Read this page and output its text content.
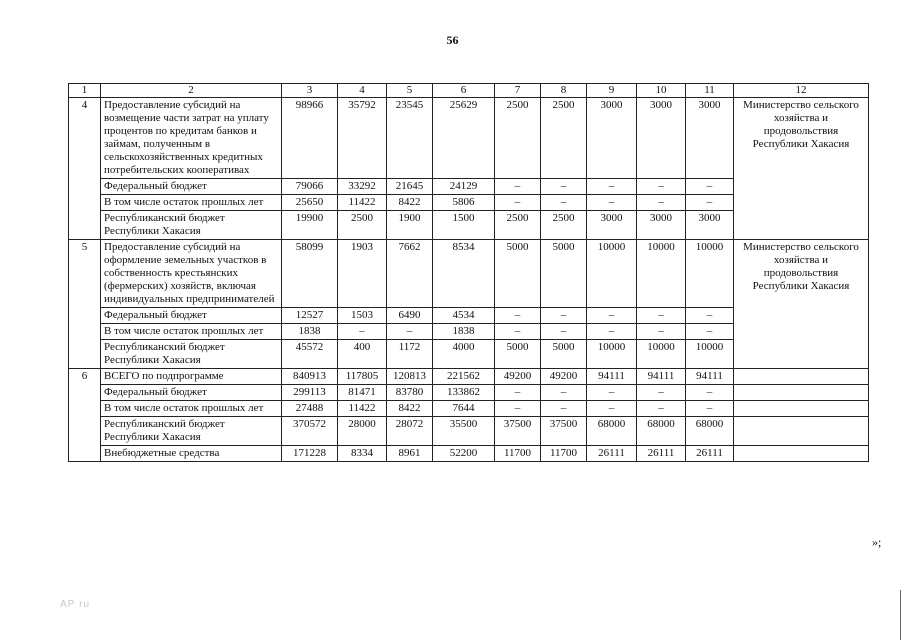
56
1	2	3	4	5	6	7	8	9	10	11	12
4	Предоставление субсидий на возмещение части затрат на уплату процентов по кредитам банков и займам, полученным в сельскохозяйственных кредитных потребительских кооперативах	98966	35792	23545	25629	2500	2500	3000	3000	3000	Министерство сельского хозяйства и продовольствия Республики Хакасия
	Федеральный бюджет	79066	33292	21645	24129	–	–	–	–	–	
	В том числе остаток прошлых лет	25650	11422	8422	5806	–	–	–	–	–	
	Республиканский бюджет Республики Хакасия	19900	2500	1900	1500	2500	2500	3000	3000	3000	
5	Предоставление субсидий на оформление земельных участков в собственность крестьянских (фермерских) хозяйств, включая индивидуальных предпринимателей	58099	1903	7662	8534	5000	5000	10000	10000	10000	Министерство сельского хозяйства и продовольствия Республики Хакасия
	Федеральный бюджет	12527	1503	6490	4534	–	–	–	–	–	
	В том числе остаток прошлых лет	1838	–	–	1838	–	–	–	–	–	
	Республиканский бюджет Республики Хакасия	45572	400	1172	4000	5000	5000	10000	10000	10000	
6	ВСЕГО по подпрограмме	840913	117805	120813	221562	49200	49200	94111	94111	94111	
	Федеральный бюджет	299113	81471	83780	133862	–	–	–	–	–	
	В том числе остаток прошлых лет	27488	11422	8422	7644	–	–	–	–	–	
	Республиканский бюджет Республики Хакасия	370572	28000	28072	35500	37500	37500	68000	68000	68000	
	Внебюджетные средства	171228	8334	8961	52200	11700	11700	26111	26111	26111	
»;
АР ru
